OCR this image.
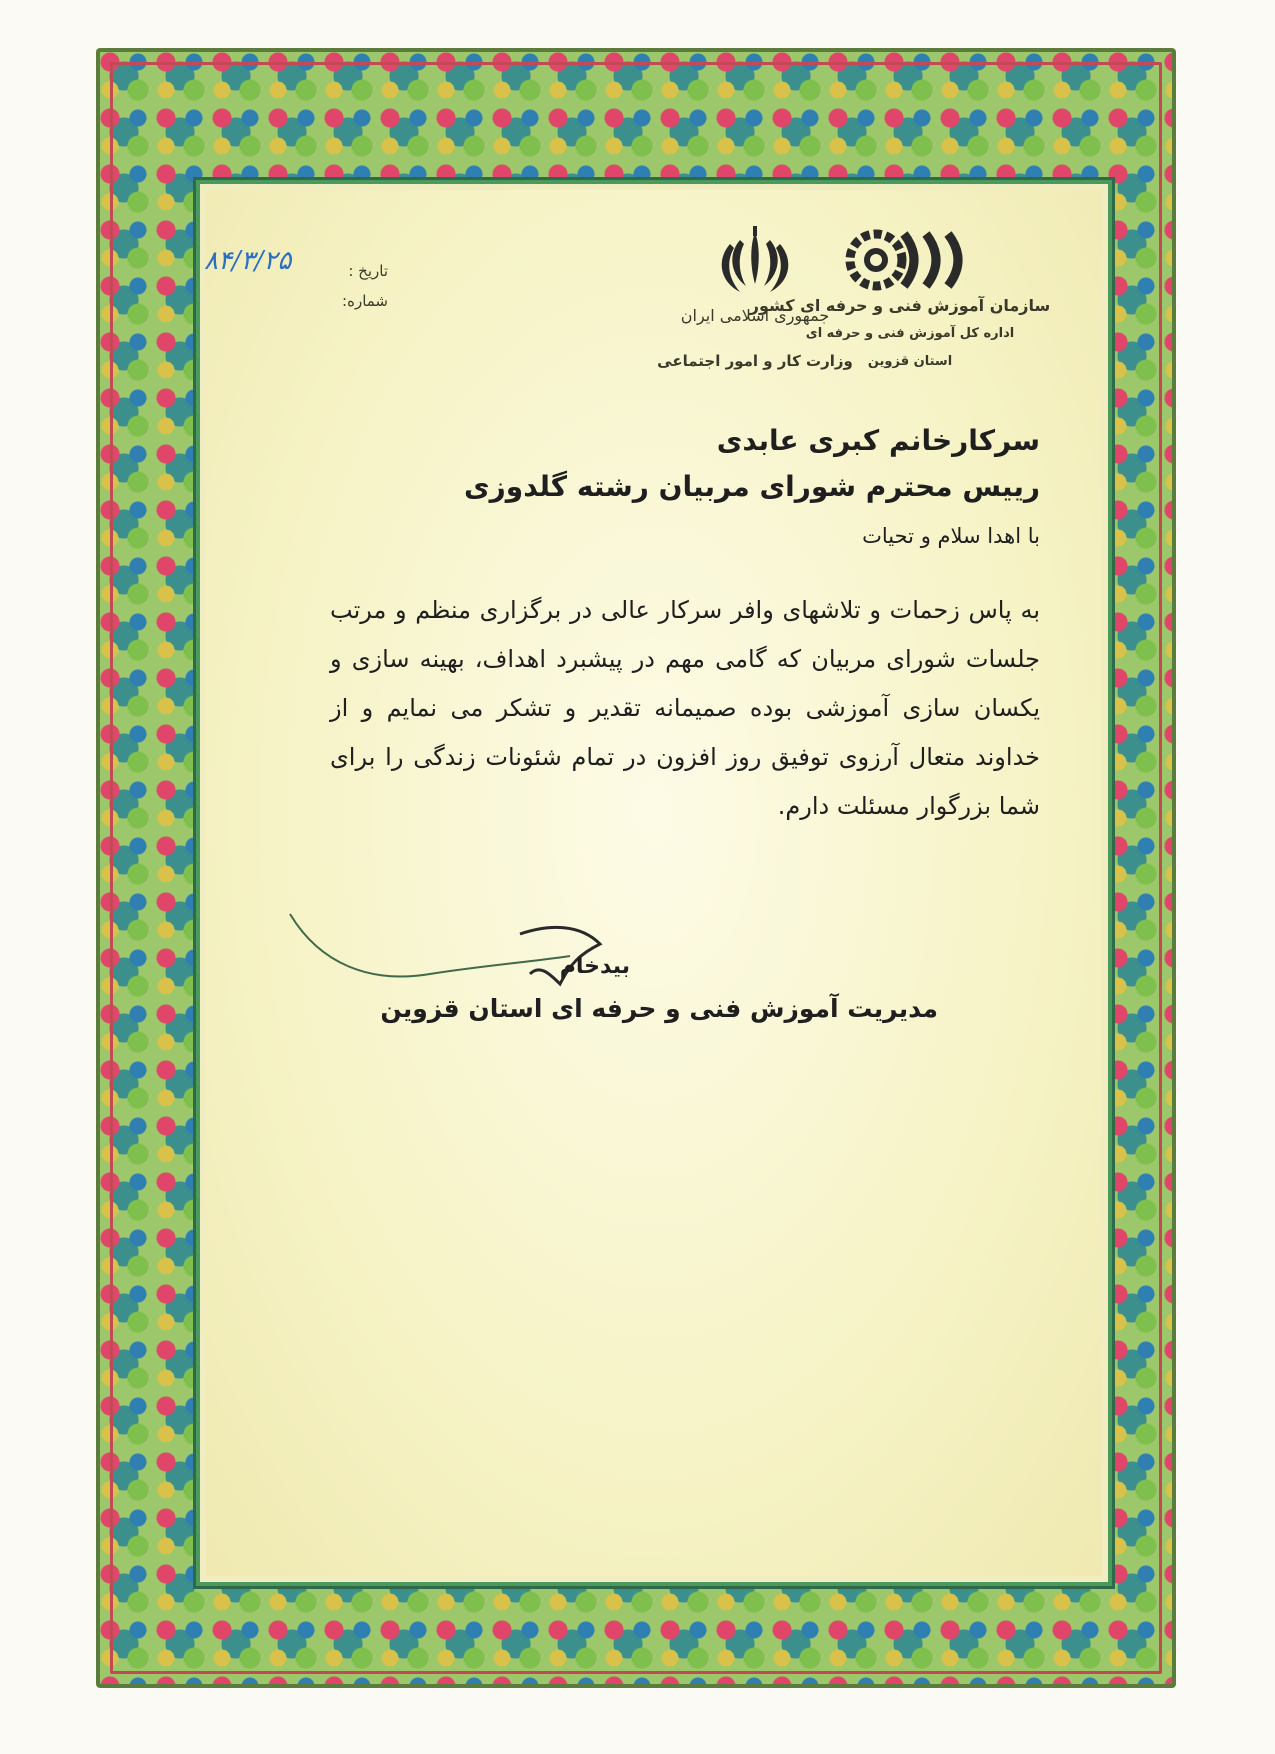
جمهوری اسلامی ایران
وزارت کار و امور اجتماعی
سازمان آموزش فنی و حرفه ای کشور
اداره کل آموزش فنی و حرفه ای
استان قزوین
تاریخ :
شماره:
۸۴/۳/۲۵
سرکارخانم کبری عابدی
رییس محترم شورای مربیان رشته گلدوزی
با اهدا سلام و تحیات
به پاس زحمات و تلاشهای وافر سرکار عالی در برگزاری منظم و مرتب جلسات شورای مربیان که گامی مهم در پیشبرد اهداف، بهینه سازی و یکسان سازی آموزشی بوده صمیمانه تقدیر و تشکر می نمایم و از خداوند متعال آرزوی توفیق روز افزون در تمام شئونات زندگی را برای شما بزرگوار مسئلت دارم.
بیدخام
مدیریت آموزش فنی و حرفه ای استان قزوین
